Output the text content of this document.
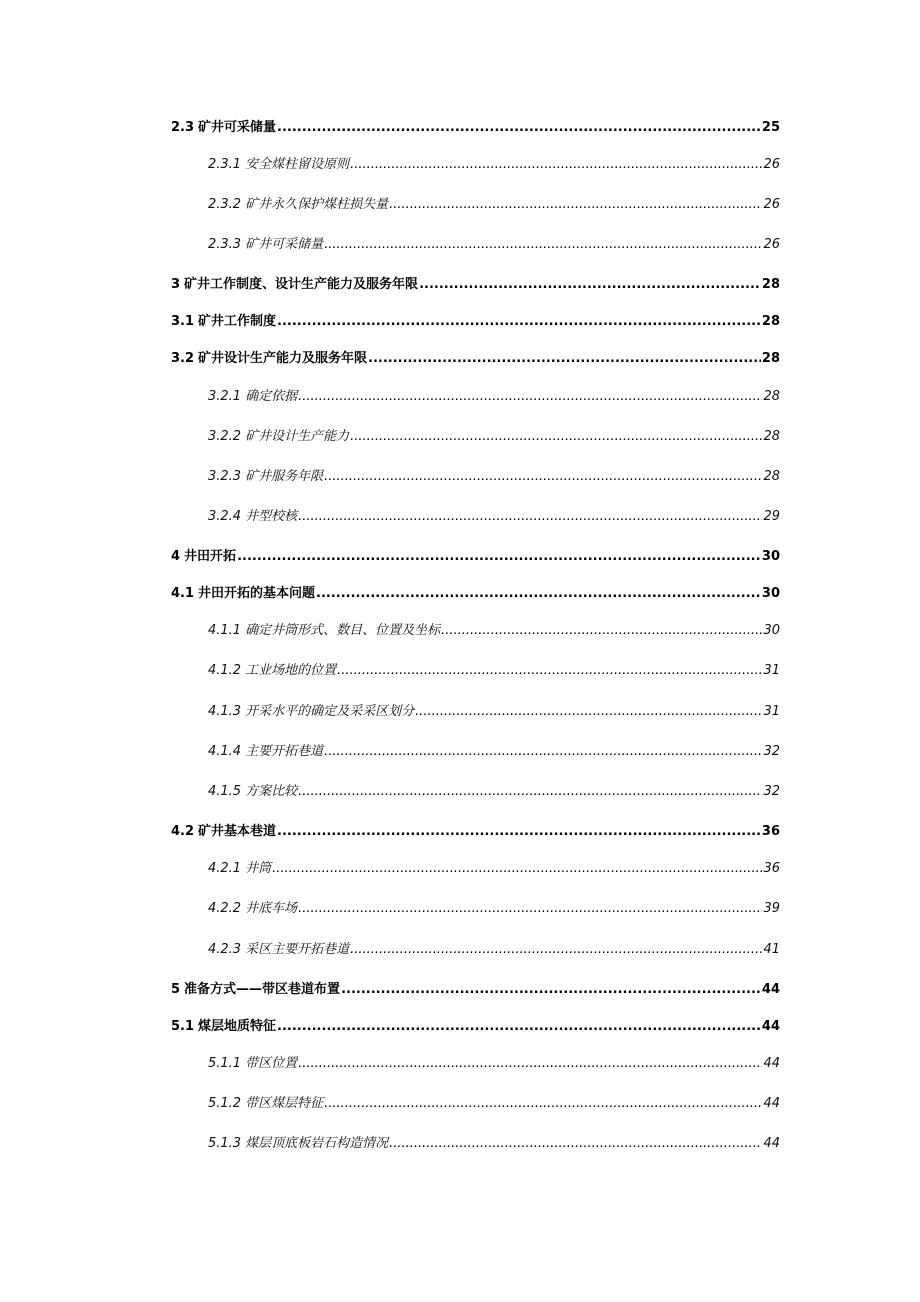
2.3 矿井可采储量 .....	25
2.3.1 安全煤柱留设原则 .....	26
2.3.2 矿井永久保护煤柱损失量 .....	26
2.3.3 矿井可采储量 .....	26
3 矿井工作制度、设计生产能力及服务年限 .....	28
3.1 矿井工作制度 .....	28
3.2 矿井设计生产能力及服务年限 .....	28
3.2.1 确定依据 .....	28
3.2.2 矿井设计生产能力 .....	28
3.2.3 矿井服务年限 .....	28
3.2.4 井型校核 .....	29
4 井田开拓 .....	30
4.1 井田开拓的基本问题 .....	30
4.1.1 确定井筒形式、数目、位置及坐标 .....	30
4.1.2 工业场地的位置 .....	31
4.1.3 开采水平的确定及采采区划分 .....	31
4.1.4 主要开拓巷道 .....	32
4.1.5 方案比较 .....	32
4.2 矿井基本巷道 .....	36
4.2.1 井筒 .....	36
4.2.2 井底车场 .....	39
4.2.3 采区主要开拓巷道 .....	41
5 准备方式——带区巷道布置 .....	44
5.1 煤层地质特征 .....	44
5.1.1 带区位置 .....	44
5.1.2 带区煤层特征 .....	44
5.1.3 煤层顶底板岩石构造情况 .....	44
